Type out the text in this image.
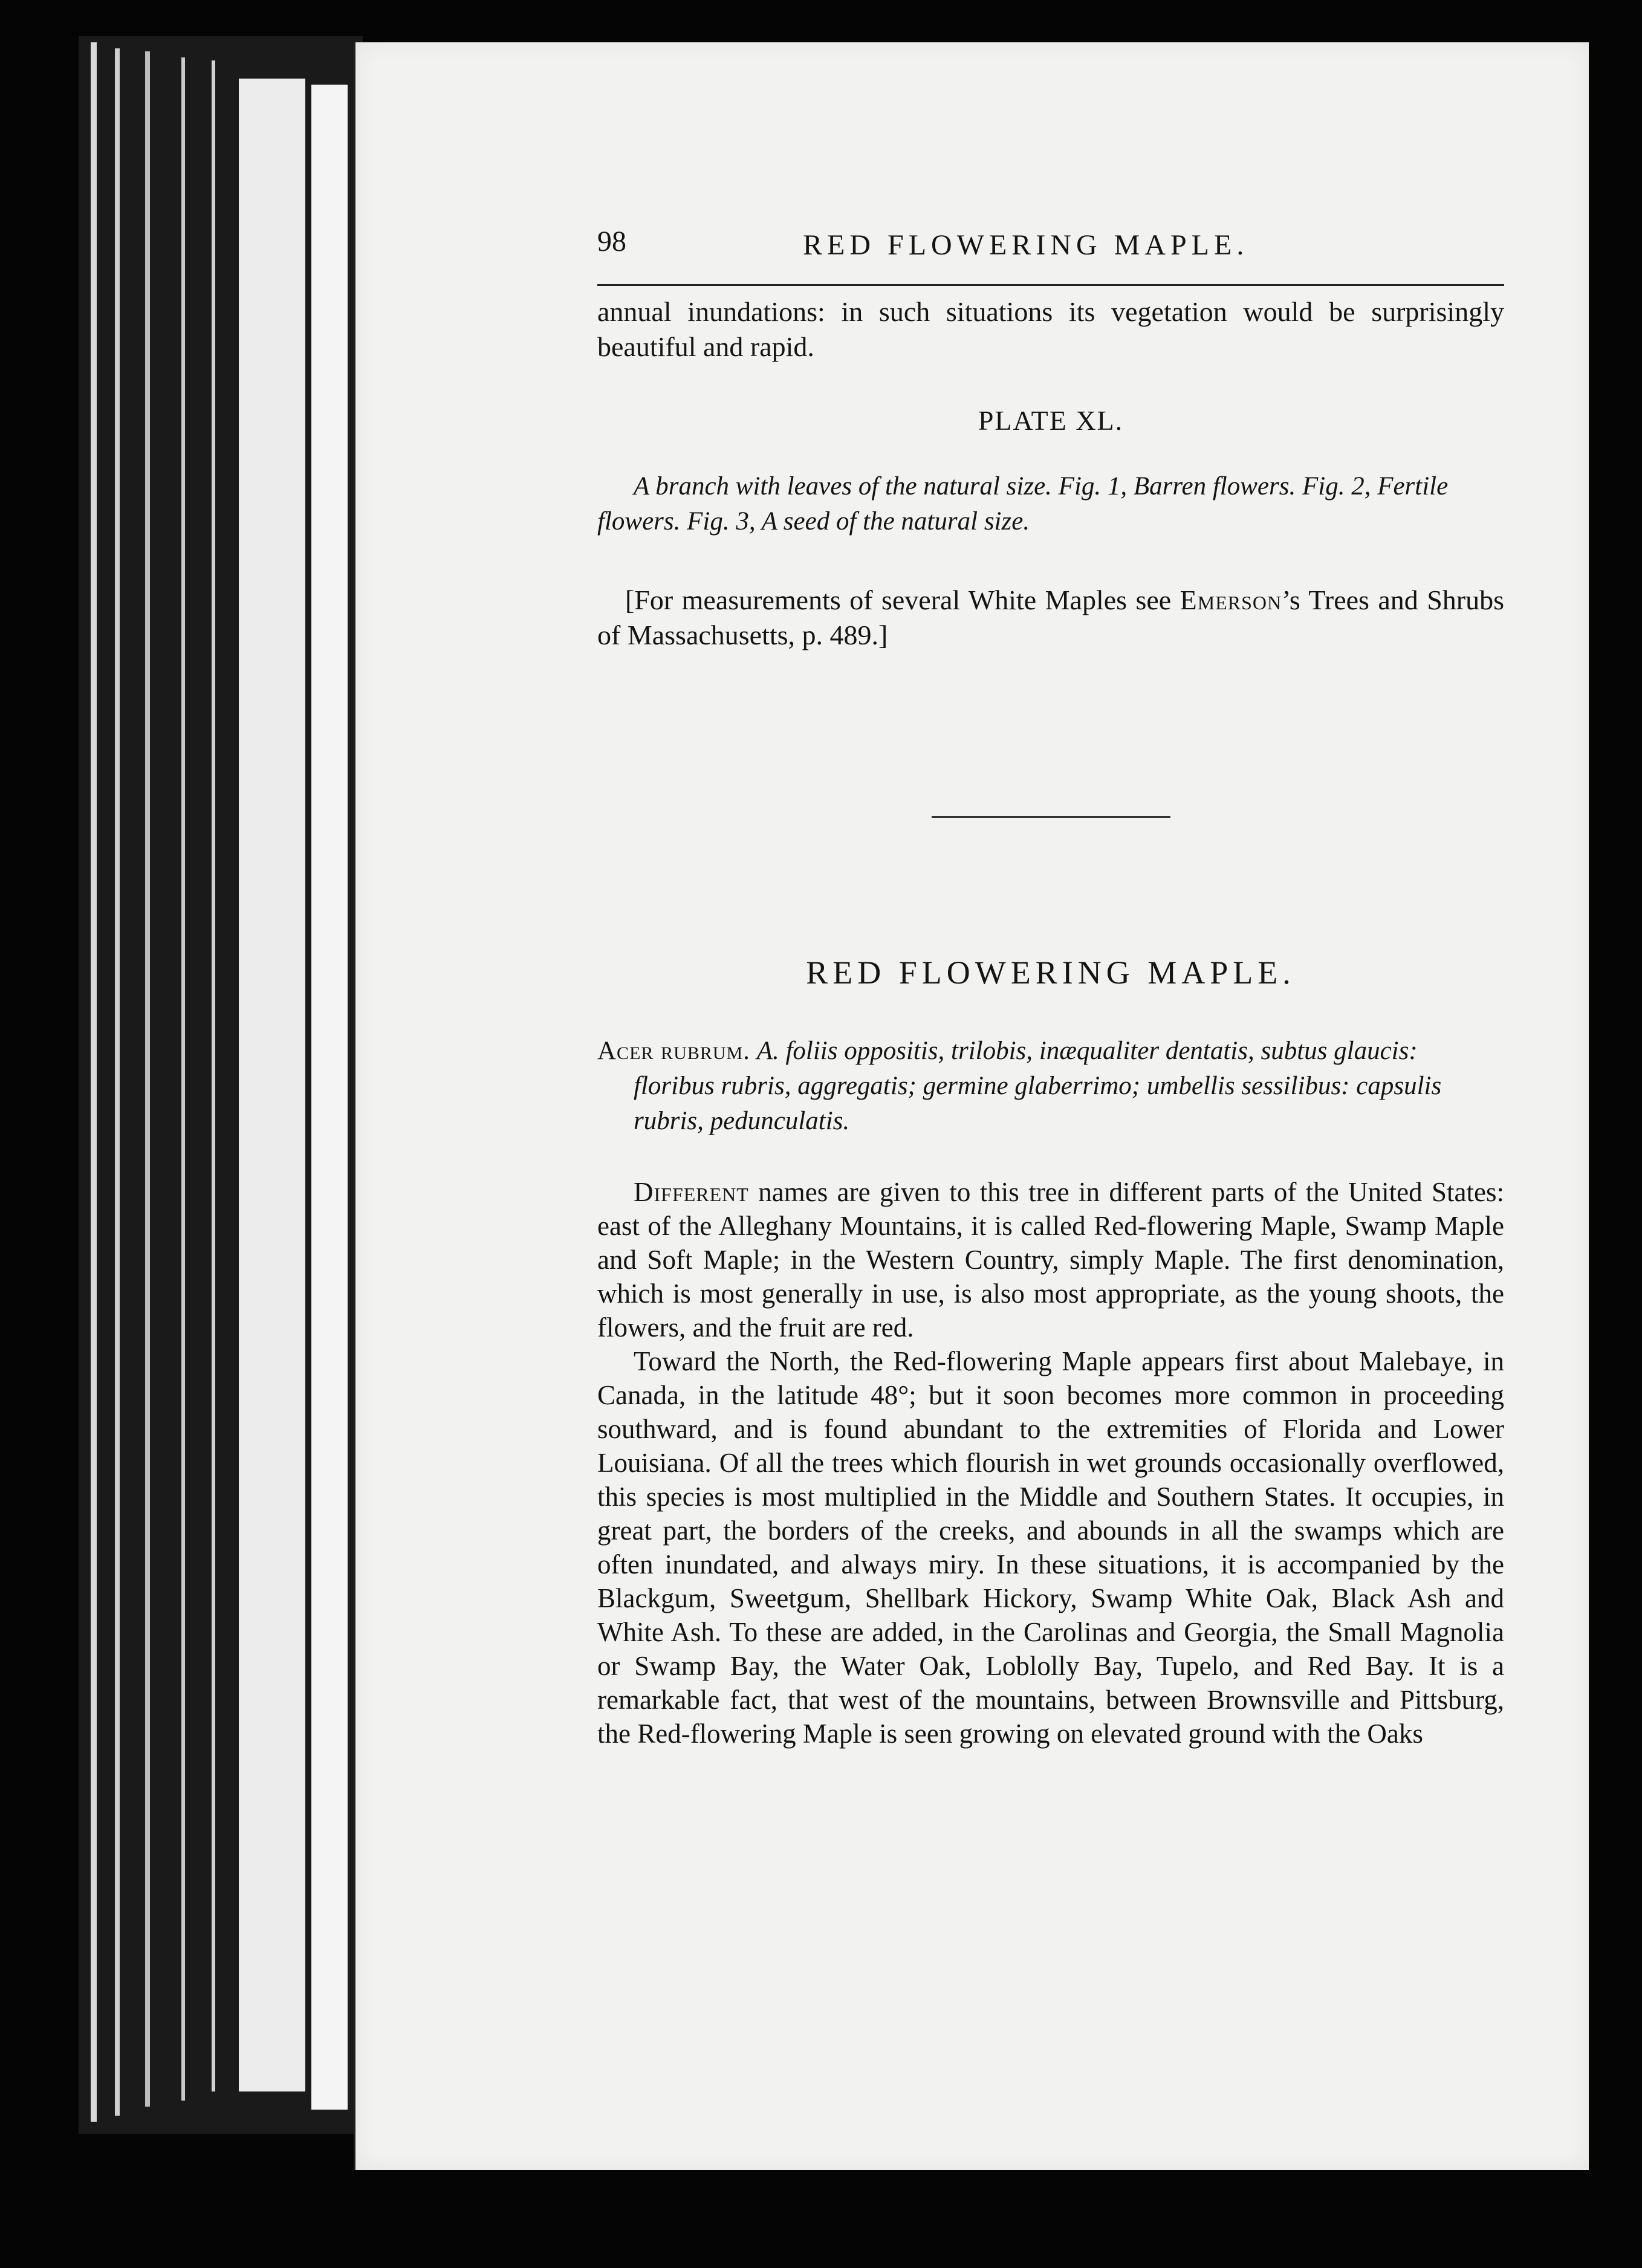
98	RED FLOWERING MAPLE.

annual inundations: in such situations its vegetation would be surprisingly beautiful and rapid.

PLATE XL.

A branch with leaves of the natural size. Fig. 1, Barren flowers. Fig. 2, Fertile flowers. Fig. 3, A seed of the natural size.

[For measurements of several White Maples see Emerson’s Trees and Shrubs of Massachusetts, p. 489.]

RED FLOWERING MAPLE.

Acer rubrum. A. foliis oppositis, trilobis, inæqualiter dentatis, subtus glaucis: floribus rubris, aggregatis; germine glaberrimo; umbellis sessilibus: capsulis rubris, pedunculatis.

Different names are given to this tree in different parts of the United States: east of the Alleghany Mountains, it is called Red-flowering Maple, Swamp Maple and Soft Maple; in the Western Country, simply Maple. The first denomination, which is most generally in use, is also most appropriate, as the young shoots, the flowers, and the fruit are red.

Toward the North, the Red-flowering Maple appears first about Malebaye, in Canada, in the latitude 48°; but it soon becomes more common in proceeding southward, and is found abundant to the extremities of Florida and Lower Louisiana. Of all the trees which flourish in wet grounds occasionally overflowed, this species is most multiplied in the Middle and Southern States. It occupies, in great part, the borders of the creeks, and abounds in all the swamps which are often inundated, and always miry. In these situations, it is accompanied by the Blackgum, Sweetgum, Shellbark Hickory, Swamp White Oak, Black Ash and White Ash. To these are added, in the Carolinas and Georgia, the Small Magnolia or Swamp Bay, the Water Oak, Loblolly Bay, Tupelo, and Red Bay. It is a remarkable fact, that west of the mountains, between Brownsville and Pittsburg, the Red-flowering Maple is seen growing on elevated ground with the Oaks
